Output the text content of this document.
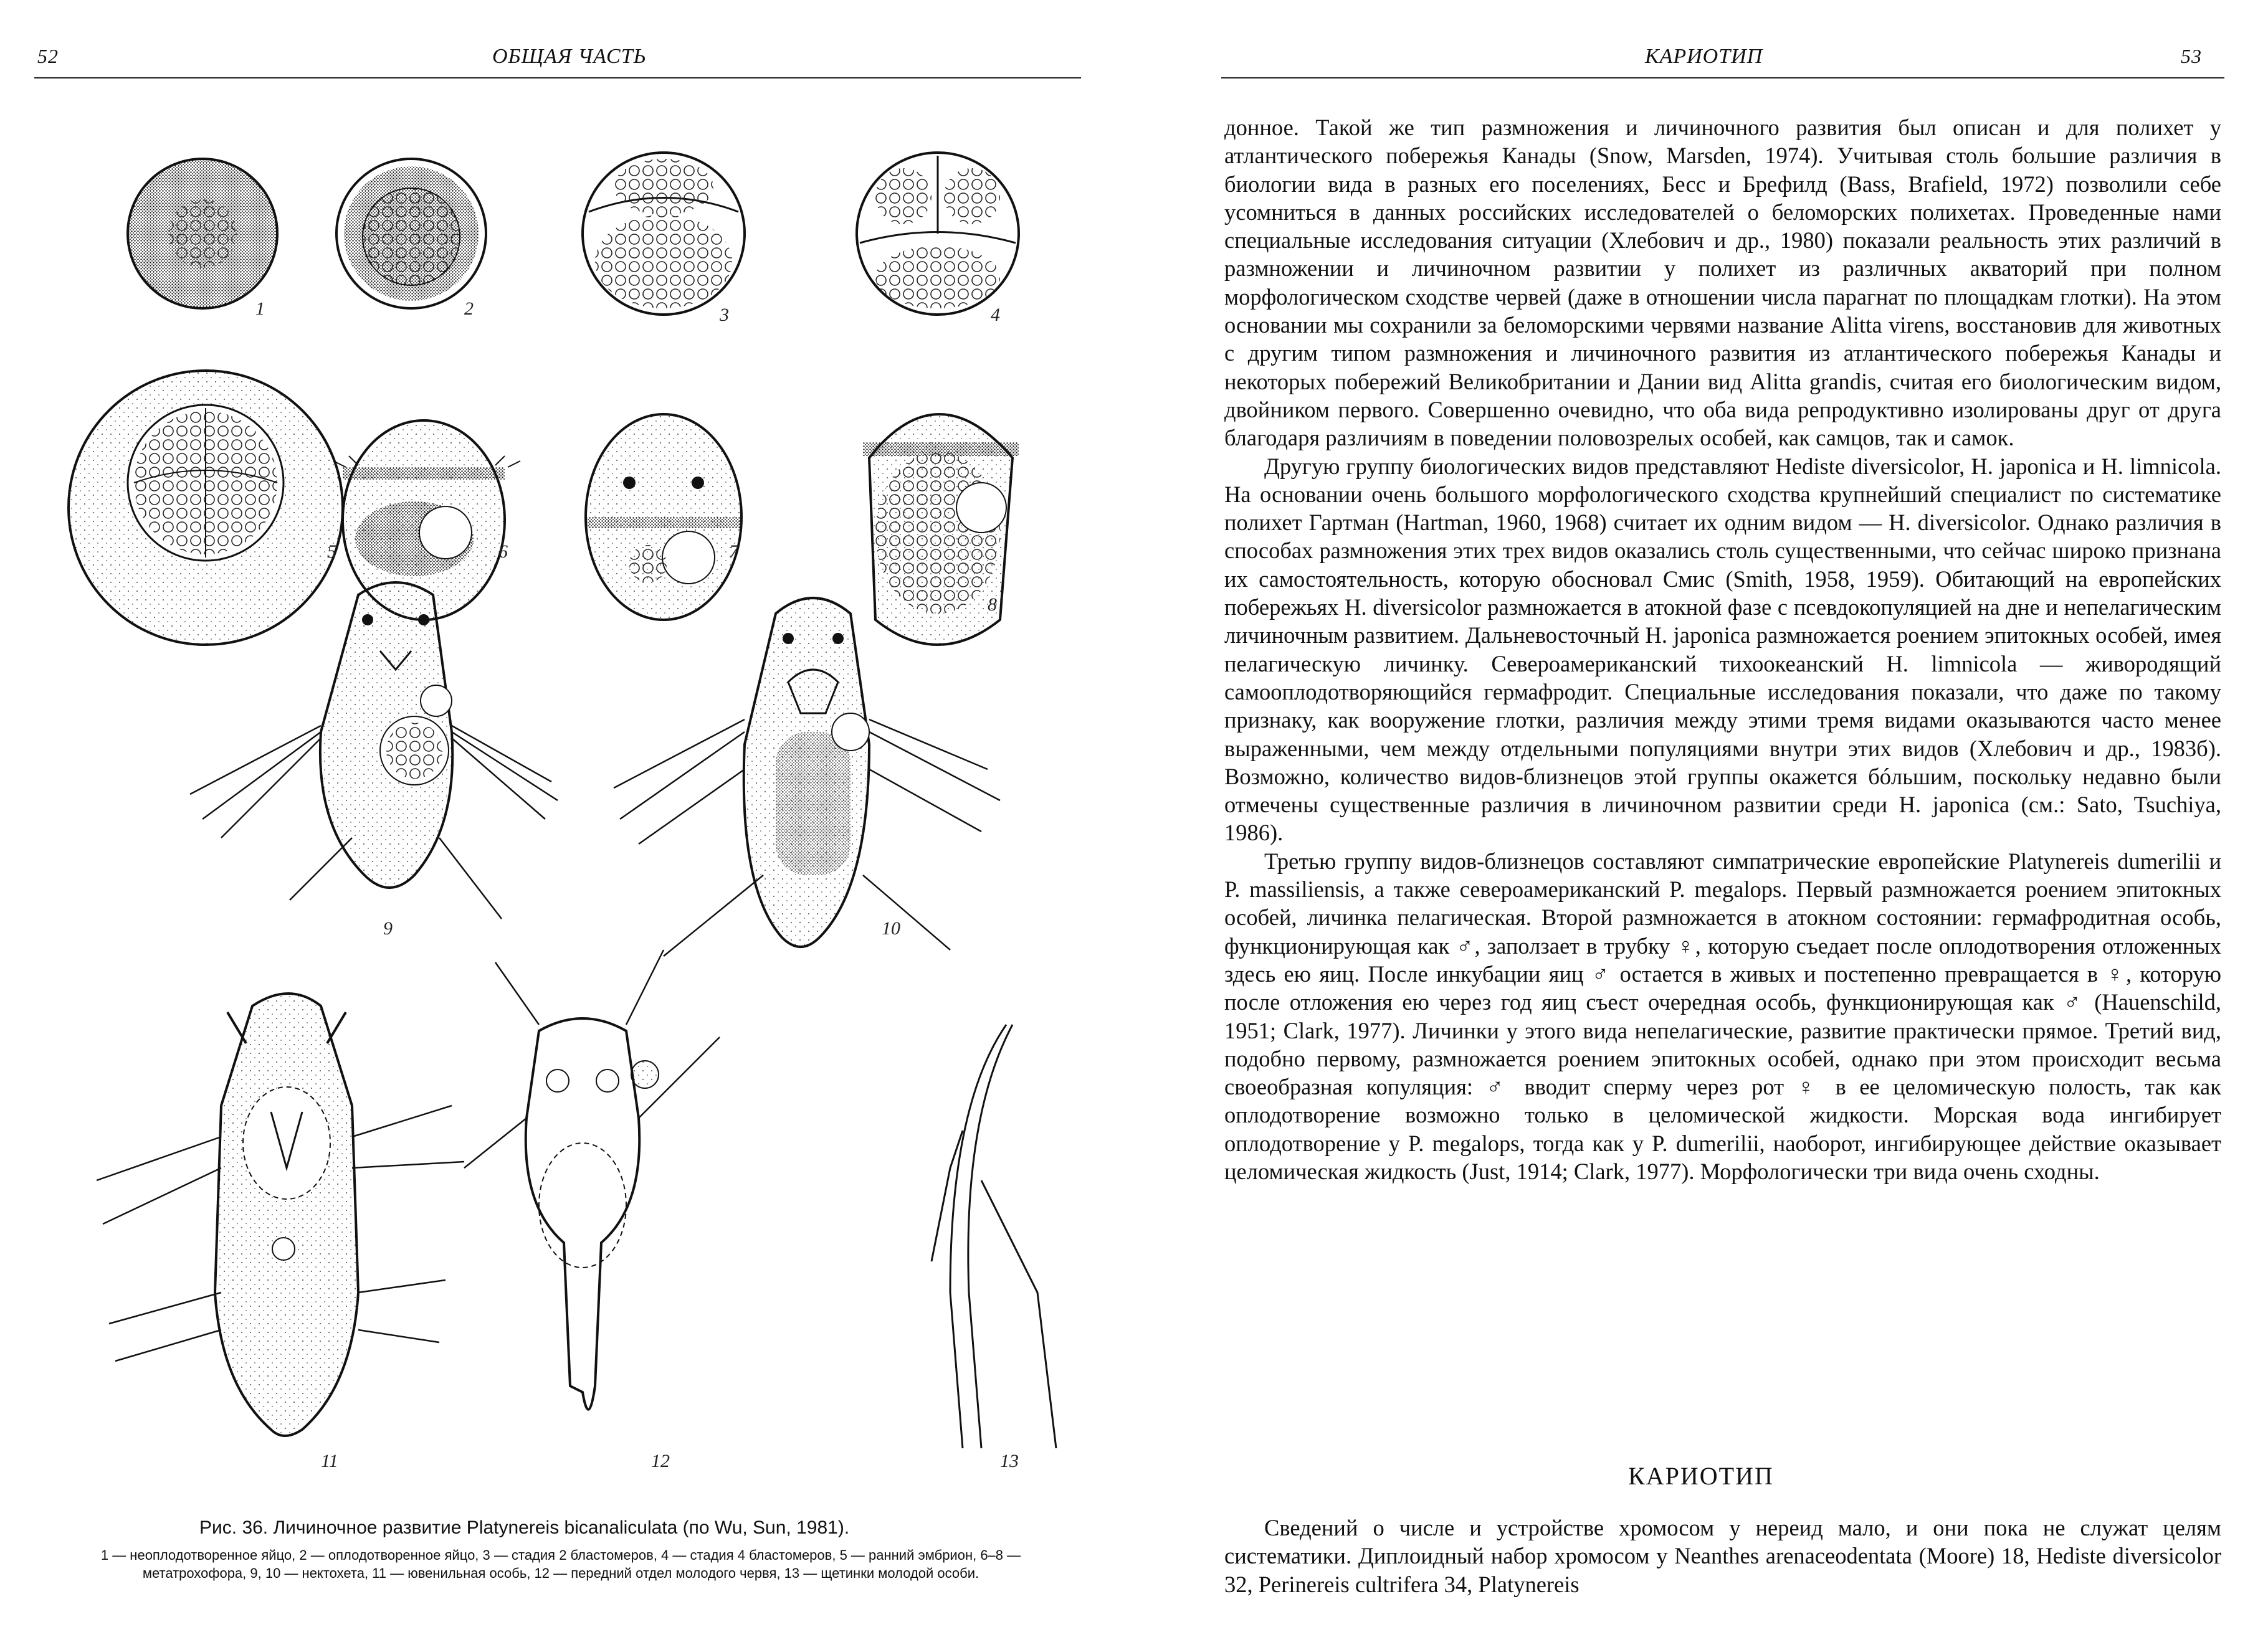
52	ОБЩАЯ ЧАСТЬ
1	2	3	4
5	6	7
8
9	10
11	12	13
Рис. 36. Личиночное развитие Platynereis bicanaliculata (по Wu, Sun, 1981).
1 — неоплодотворенное яйцо, 2 — оплодотворенное яйцо, 3 — стадия 2 бластомеров, 4 — стадия 4 бластомеров, 5 — ранний эмбрион, 6–8 — метатрохофора, 9, 10 — нектохета, 11 — ювенильная особь, 12 — передний отдел молодого червя, 13 — щетинки молодой особи.
КАРИОТИП	53

донное. Такой же тип размножения и личиночного развития был описан и для полихет у атлантического побережья Канады (Snow, Marsden, 1974). Учитывая столь большие различия в биологии вида в разных его поселениях, Бесс и Брефилд (Bass, Brafield, 1972) позволили себе усомниться в данных российских исследователей о беломорских полихетах. Проведенные нами специальные исследования ситуации (Хлебович и др., 1980) показали реальность этих различий в размножении и личиночном развитии у полихет из различных акваторий при полном морфологическом сходстве червей (даже в отношении числа парагнат по площадкам глотки). На этом основании мы сохранили за беломорскими червями название Alitta virens, восстановив для животных с другим типом размножения и личиночного развития из атлантического побережья Канады и некоторых побережий Великобритании и Дании вид Alitta grandis, считая его биологическим видом, двойником первого. Совершенно очевидно, что оба вида репродуктивно изолированы друг от друга благодаря различиям в поведении половозрелых особей, как самцов, так и самок.

Другую группу биологических видов представляют Hediste diversicolor, H. japonica и H. limnicola. На основании очень большого морфологического сходства крупнейший специалист по систематике полихет Гартман (Hartman, 1960, 1968) считает их одним видом — H. diversicolor. Однако различия в способах размножения этих трех видов оказались столь существенными, что сейчас широко признана их самостоятельность, которую обосновал Смис (Smith, 1958, 1959). Обитающий на европейских побережьях H. diversicolor размножается в атокной фазе с псевдокопуляцией на дне и непелагическим личиночным развитием. Дальневосточный H. japonica размножается роением эпитокных особей, имея пелагическую личинку. Североамериканский тихоокеанский H. limnicola — живородящий самооплодотворяющийся гермафродит. Специальные исследования показали, что даже по такому признаку, как вооружение глотки, различия между этими тремя видами оказываются часто менее выраженными, чем между отдельными популяциями внутри этих видов (Хлебович и др., 1983б). Возможно, количество видов-близнецов этой группы окажется бóльшим, поскольку недавно были отмечены существенные различия в личиночном развитии среди H. japonica (см.: Sato, Tsuchiya, 1986).

Третью группу видов-близнецов составляют симпатрические европейские Platynereis dumerilii и P. massiliensis, а также североамериканский P. megalops. Первый размножается роением эпитокных особей, личинка пелагическая. Второй размножается в атокном состоянии: гермафродитная особь, функционирующая как ♂, заползает в трубку ♀, которую съедает после оплодотворения отложенных здесь ею яиц. После инкубации яиц ♂ остается в живых и постепенно превращается в ♀, которую после отложения ею через год яиц съест очередная особь, функционирующая как ♂ (Hauenschild, 1951; Clark, 1977). Личинки у этого вида непелагические, развитие практически прямое. Третий вид, подобно первому, размножается роением эпитокных особей, однако при этом происходит весьма своеобразная копуляция: ♂ вводит сперму через рот ♀ в ее целомическую полость, так как оплодотворение возможно только в целомической жидкости. Морская вода ингибирует оплодотворение у P. megalops, тогда как у P. dumerilii, наоборот, ингибирующее действие оказывает целомическая жидкость (Just, 1914; Clark, 1977). Морфологически три вида очень сходны.

КАРИОТИП

Сведений о числе и устройстве хромосом у нереид мало, и они пока не служат целям систематики. Диплоидный набор хромосом у Neanthes arenaceodentata (Moore) 18, Hediste diversicolor 32, Perinereis cultrifera 34, Platynereis
